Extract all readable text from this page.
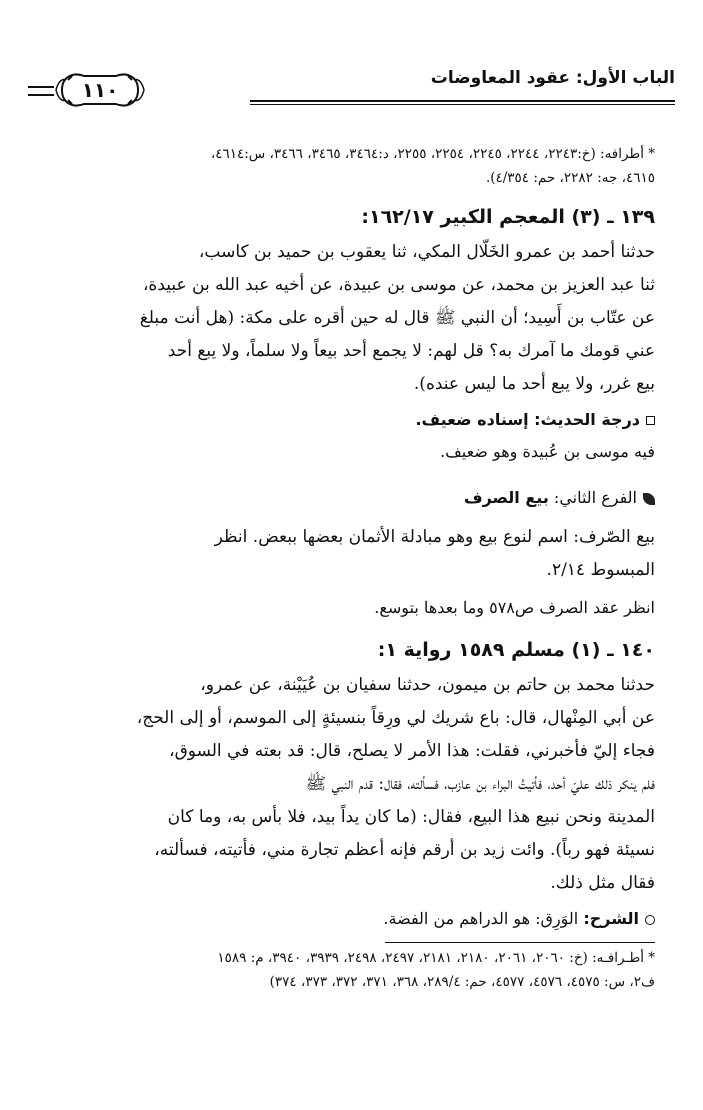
١١٠	الباب الأول: عقود المعاوضات

* أطرافه: (خ:٢٢٤٣، ٢٢٤٤، ٢٢٤٥، ٢٢٥٤، ٢٢٥٥، د:٣٤٦٤، ٣٤٦٥، ٣٤٦٦، س:٤٦١٤،

٤٦١٥، جه: ٢٢٨٢، حم: ٤/٣٥٤).

١٣٩ ـ (٣) المعجم الكبير ١٦٢/١٧:

حدثنا أحمد بن عمرو الخَلّال المكي، ثنا يعقوب بن حميد بن كاسب،

ثنا عبد العزيز بن محمد، عن موسى بن عبيدة، عن أخيه عبد الله بن عبيدة،

عن عتّاب بن أَسِيد؛ أن النبي ﷺ قال له حين أقره على مكة: (هل أنت مبلغ

عني قومك ما آمرك به؟ قل لهم: لا يجمع أحد بيعاً ولا سلماً، ولا يبع أحد

بيع غرر، ولا يبع أحد ما ليس عنده).

درجة الحديث: إسناده ضعيف.

فيه موسى بن عُبيدة وهو ضعيف.

الفرع الثاني: بيع الصرف

بيع الصّرف: اسم لنوع بيع وهو مبادلة الأثمان بعضها ببعض. انظر

المبسوط ٢/١٤.

انظر عقد الصرف ص٥٧٨ وما بعدها بتوسع.

١٤٠ ـ (١) مسلم ١٥٨٩ رواية ١:

حدثنا محمد بن حاتم بن ميمون، حدثنا سفيان بن عُيَيْنة، عن عمرو،

عن أبي المِنْهال، قال: باع شريك لي ورِقاً بنسيئةٍ إلى الموسم، أو إلى الحج،

فجاء إليّ فأخبرني، فقلت: هذا الأمر لا يصلح، قال: قد بعته في السوق،

فلم ينكر ذلك عليّ أحد، فأتيتُ البراء بن عازب، فسألته، فقال: قدم النبي ﷺ

المدينة ونحن نبيع هذا البيع، فقال: (ما كان يداً بيد، فلا بأس به، وما كان

نسيئة فهو رباً). وائت زيد بن أرقم فإنه أعظم تجارة مني، فأتيته، فسألته،

فقال مثل ذلك.

الشرح: الوَرِق: هو الدراهم من الفضة.

* أطـرافـه: (خ: ٢٠٦٠، ٢٠٦١، ٢١٨٠، ٢١٨١، ٢٤٩٧، ٢٤٩٨، ٣٩٣٩، ٣٩٤٠، م: ١٥٨٩

ف٢، س: ٤٥٧٥، ٤٥٧٦، ٤٥٧٧، حم: ٢٨٩/٤، ٣٦٨، ٣٧١، ٣٧٢، ٣٧٣، ٣٧٤)
